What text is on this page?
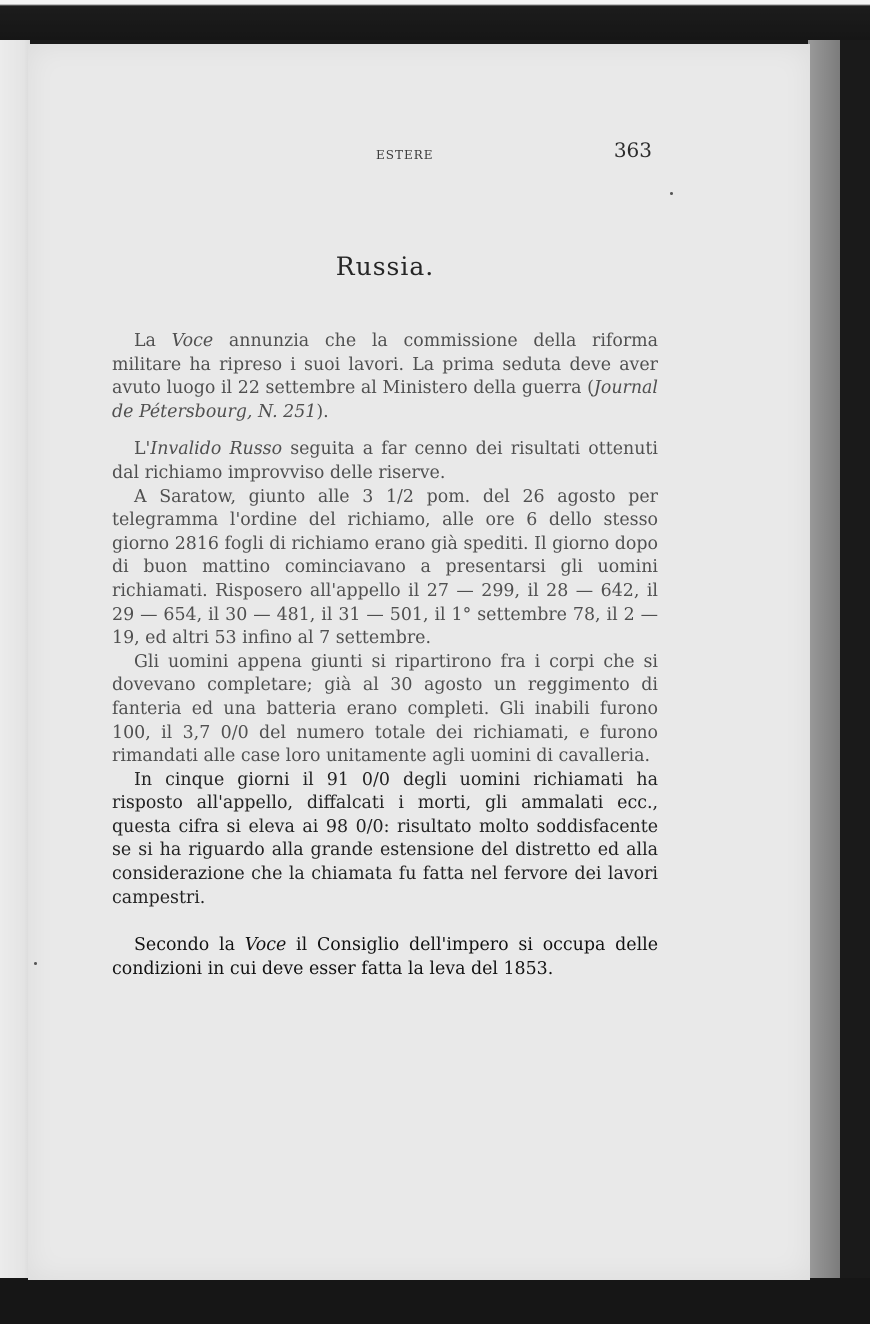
ESTERE	363
Russia.

La Voce annunzia che la commissione della riforma militare ha ripreso i suoi lavori. La prima seduta deve aver avuto luogo il 22 settembre al Ministero della guerra (Journal de Pétersbourg, N. 251).

L'Invalido Russo seguita a far cenno dei risultati ottenuti dal richiamo improvviso delle riserve.

A Saratow, giunto alle 3 1/2 pom. del 26 agosto per telegramma l'ordine del richiamo, alle ore 6 dello stesso giorno 2816 fogli di richiamo erano già spediti. Il giorno dopo di buon mattino cominciavano a presentarsi gli uomini richiamati. Risposero all'appello il 27 — 299, il 28 — 642, il 29 — 654, il 30 — 481, il 31 — 501, il 1° settembre 78, il 2 — 19, ed altri 53 infino al 7 settembre.

Gli uomini appena giunti si ripartirono fra i corpi che si dovevano completare; già al 30 agosto un reggimento di fanteria ed una batteria erano completi. Gli inabili furono 100, il 3,7 0/0 del numero totale dei richiamati, e furono rimandati alle case loro unitamente agli uomini di cavalleria.

In cinque giorni il 91 0/0 degli uomini richiamati ha risposto all'appello, diffalcati i morti, gli ammalati ecc., questa cifra si eleva ai 98 0/0: risultato molto soddisfacente se si ha riguardo alla grande estensione del distretto ed alla considerazione che la chiamata fu fatta nel fervore dei lavori campestri.

Secondo la Voce il Consiglio dell'impero si occupa delle condizioni in cui deve esser fatta la leva del 1853.
